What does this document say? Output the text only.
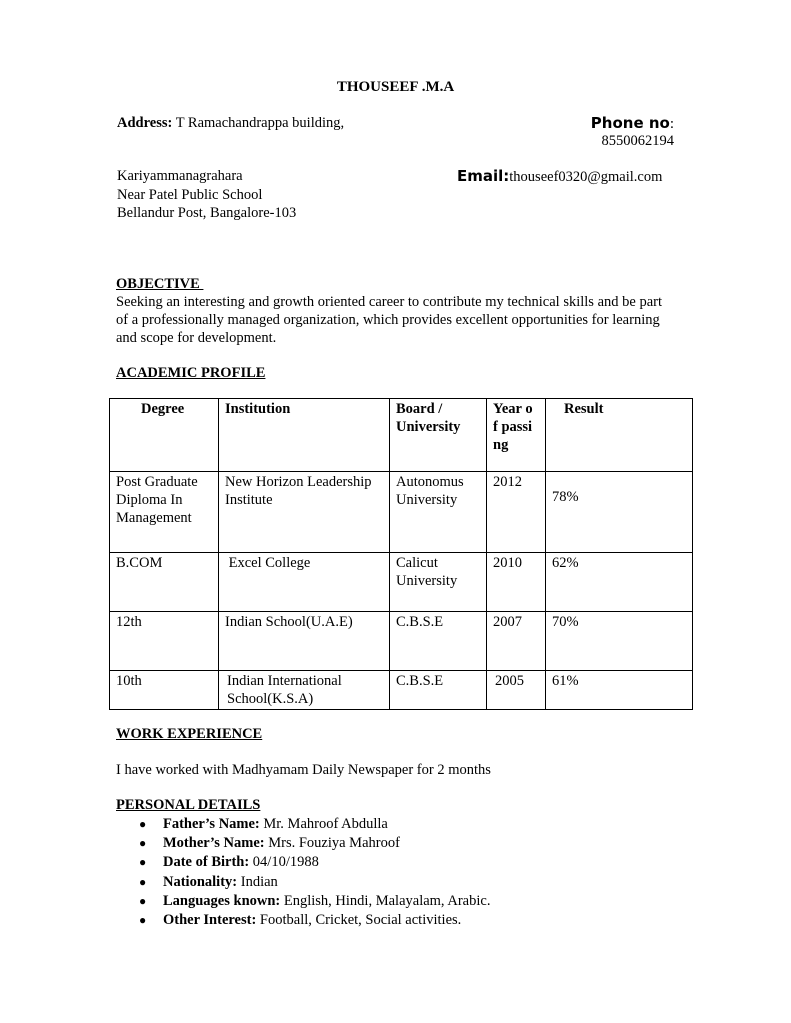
THOUSEEF .M.A
Address: T Ramachandrappa building,	Phone no:
8550062194
Kariyammanagrahara
Near Patel Public School
Bellandur Post, Bangalore-103
Email:thouseef0320@gmail.com
OBJECTIVE
Seeking an interesting and growth oriented career to contribute my technical skills and be part of a professionally managed organization, which provides excellent opportunities for learning and scope for development.
ACADEMIC PROFILE
Degree	Institution	Board / University	Year of passing	Result
Post Graduate Diploma In Management	New Horizon Leadership Institute	Autonomus University	2012	78%
B.COM	Excel College	Calicut University	2010	62%
12th	Indian School(U.A.E)	C.B.S.E	2007	70%
10th	Indian International School(K.S.A)	C.B.S.E	2005	61%
WORK EXPERIENCE
I have worked with Madhyamam Daily Newspaper for 2 months
PERSONAL DETAILS
● Father’s Name: Mr. Mahroof Abdulla
● Mother’s Name: Mrs. Fouziya Mahroof
● Date of Birth: 04/10/1988
● Nationality: Indian
● Languages known: English, Hindi, Malayalam, Arabic.
● Other Interest: Football, Cricket, Social activities.
